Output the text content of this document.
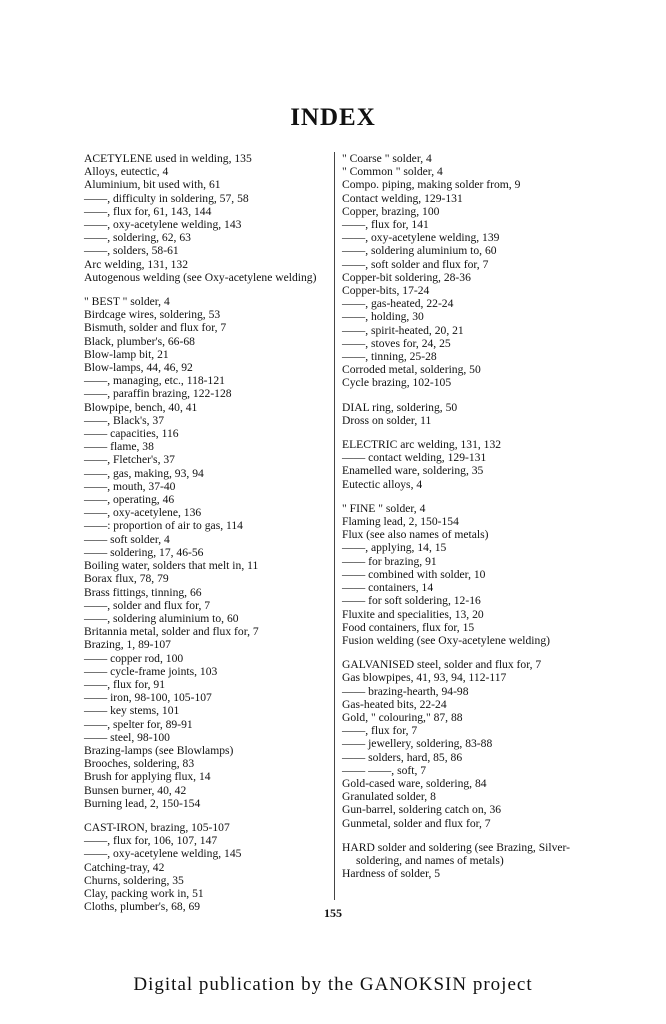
INDEX
ACETYLENE used in welding, 135
Alloys, eutectic, 4
Aluminium, bit used with, 61
——, difficulty in soldering, 57, 58
——, flux for, 61, 143, 144
——, oxy-acetylene welding, 143
——, soldering, 62, 63
——, solders, 58-61
Arc welding, 131, 132
Autogenous welding (see Oxy-acetylene welding)
" BEST " solder, 4
Birdcage wires, soldering, 53
Bismuth, solder and flux for, 7
Black, plumber's, 66-68
Blow-lamp bit, 21
Blow-lamps, 44, 46, 92
——, managing, etc., 118-121
——, paraffin brazing, 122-128
Blowpipe, bench, 40, 41
——, Black's, 37
—— capacities, 116
—— flame, 38
——, Fletcher's, 37
——, gas, making, 93, 94
——, mouth, 37-40
——, operating, 46
——, oxy-acetylene, 136
——: proportion of air to gas, 114
—— soft solder, 4
—— soldering, 17, 46-56
Boiling water, solders that melt in, 11
Borax flux, 78, 79
Brass fittings, tinning, 66
——, solder and flux for, 7
——, soldering aluminium to, 60
Britannia metal, solder and flux for, 7
Brazing, 1, 89-107
—— copper rod, 100
—— cycle-frame joints, 103
——, flux for, 91
—— iron, 98-100, 105-107
—— key stems, 101
——, spelter for, 89-91
—— steel, 98-100
Brazing-lamps (see Blowlamps)
Brooches, soldering, 83
Brush for applying flux, 14
Bunsen burner, 40, 42
Burning lead, 2, 150-154
CAST-IRON, brazing, 105-107
——, flux for, 106, 107, 147
——, oxy-acetylene welding, 145
Catching-tray, 42
Churns, soldering, 35
Clay, packing work in, 51
Cloths, plumber's, 68, 69
" Coarse " solder, 4
" Common " solder, 4
Compo. piping, making solder from, 9
Contact welding, 129-131
Copper, brazing, 100
——, flux for, 141
——, oxy-acetylene welding, 139
——, soldering aluminium to, 60
——, soft solder and flux for, 7
Copper-bit soldering, 28-36
Copper-bits, 17-24
——, gas-heated, 22-24
——, holding, 30
——, spirit-heated, 20, 21
——, stoves for, 24, 25
——, tinning, 25-28
Corroded metal, soldering, 50
Cycle brazing, 102-105
DIAL ring, soldering, 50
Dross on solder, 11
ELECTRIC arc welding, 131, 132
—— contact welding, 129-131
Enamelled ware, soldering, 35
Eutectic alloys, 4
" FINE " solder, 4
Flaming lead, 2, 150-154
Flux (see also names of metals)
——, applying, 14, 15
—— for brazing, 91
—— combined with solder, 10
—— containers, 14
—— for soft soldering, 12-16
Fluxite and specialities, 13, 20
Food containers, flux for, 15
Fusion welding (see Oxy-acetylene welding)
GALVANISED steel, solder and flux for, 7
Gas blowpipes, 41, 93, 94, 112-117
—— brazing-hearth, 94-98
Gas-heated bits, 22-24
Gold, " colouring," 87, 88
——, flux for, 7
—— jewellery, soldering, 83-88
—— solders, hard, 85, 86
—— ——, soft, 7
Gold-cased ware, soldering, 84
Granulated solder, 8
Gun-barrel, soldering catch on, 36
Gunmetal, solder and flux for, 7
HARD solder and soldering (see Brazing, Silver-soldering, and names of metals)
Hardness of solder, 5
155
Digital publication by the GANOKSIN project
